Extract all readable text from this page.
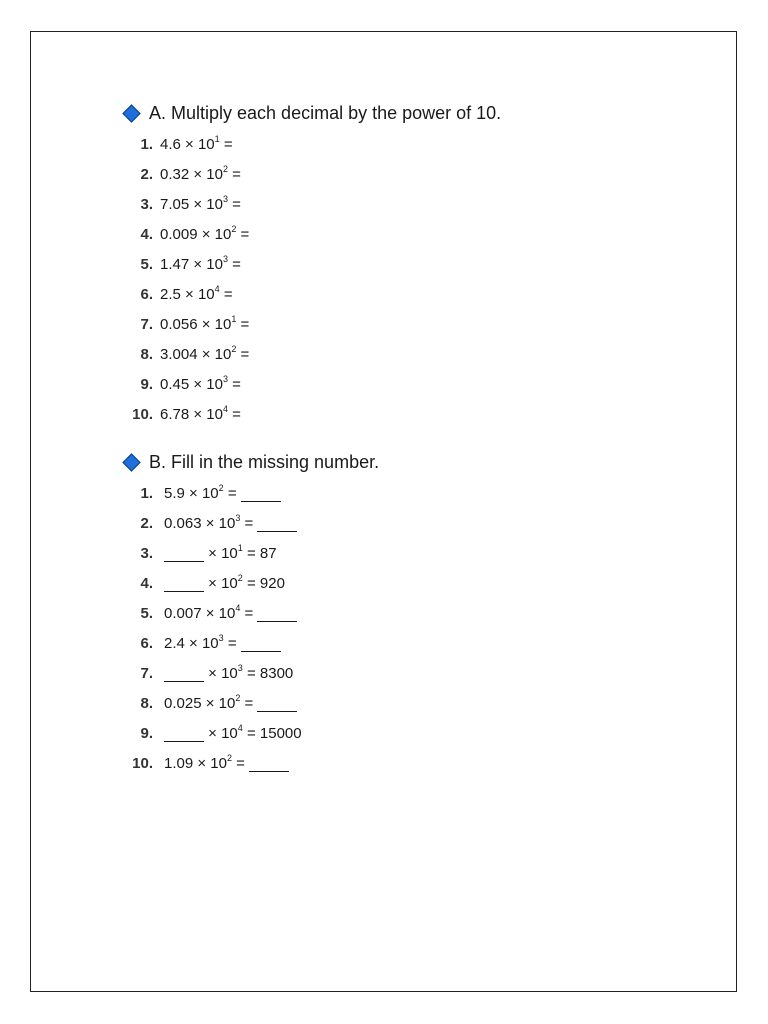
A. Multiply each decimal by the power of 10.
1. $4.6 \times 10^1$ =
2. $0.32 \times 10^2$ =
3. $7.05 \times 10^3$ =
4. $0.009 \times 10^2$ =
5. $1.47 \times 10^3$ =
6. $2.5 \times 10^4$ =
7. $0.056 \times 10^1$ =
8. $3.004 \times 10^2$ =
9. $0.45 \times 10^3$ =
10. $6.78 \times 10^4$ =
B. Fill in the missing number.
1. $5.9 \times 10^2$ =
2. $0.063 \times 10^3$ =
3.	× $10^1 = 87$
4.	× $10^2 = 920$
5. $0.007 \times 10^4$ =
6. $2.4 \times 10^3$ =
7.	× $10^3 = 8300$
8. $0.025 \times 10^2$ =
9.	× $10^4 = 15000$
10. $1.09 \times 10^2$ =
